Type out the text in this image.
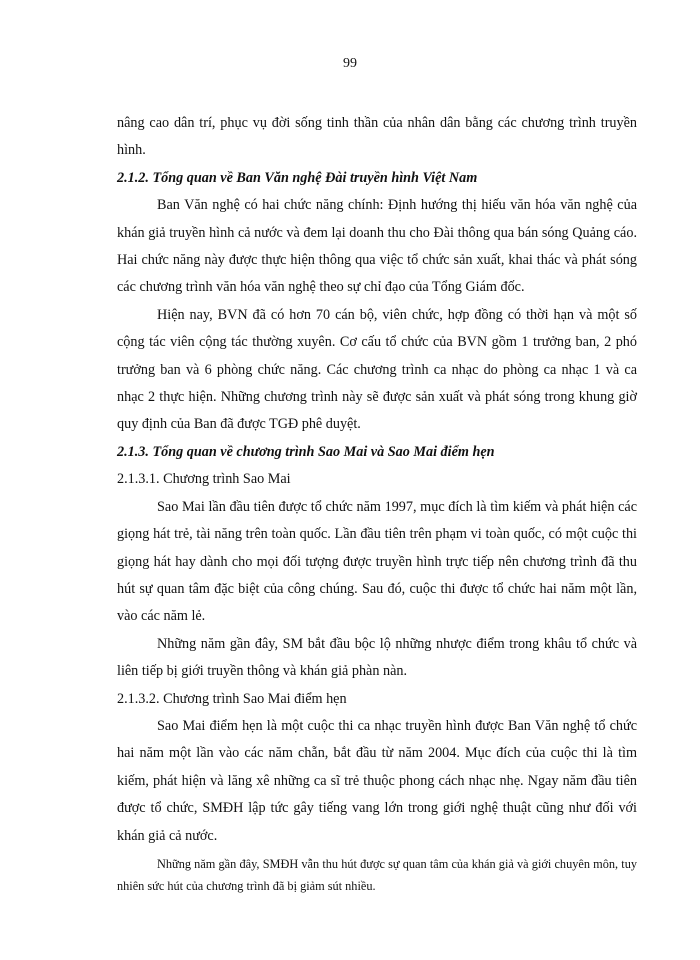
99

nâng cao dân trí, phục vụ đời sống tinh thần của nhân dân bằng các chương trình truyền hình.

2.1.2. Tổng quan về Ban Văn nghệ Đài truyền hình Việt Nam

Ban Văn nghệ có hai chức năng chính: Định hướng thị hiếu văn hóa văn nghệ của khán giả truyền hình cả nước và đem lại doanh thu cho Đài thông qua bán sóng Quảng cáo. Hai chức năng này được thực hiện thông qua việc tổ chức sản xuất, khai thác và phát sóng các chương trình văn hóa văn nghệ theo sự chỉ đạo của Tổng Giám đốc.

Hiện nay, BVN đã có hơn 70 cán bộ, viên chức, hợp đồng có thời hạn và một số cộng tác viên cộng tác thường xuyên. Cơ cấu tổ chức của BVN gồm 1 trưởng ban, 2 phó trưởng ban và 6 phòng chức năng. Các chương trình ca nhạc do phòng ca nhạc 1 và ca nhạc 2 thực hiện. Những chương trình này sẽ được sản xuất và phát sóng trong khung giờ quy định của Ban đã được TGĐ phê duyệt.

2.1.3. Tổng quan về chương trình Sao Mai và Sao Mai điểm hẹn

2.1.3.1. Chương trình Sao Mai

Sao Mai lần đầu tiên được tổ chức năm 1997, mục đích là tìm kiếm và phát hiện các giọng hát trẻ, tài năng trên toàn quốc. Lần đầu tiên trên phạm vi toàn quốc, có một cuộc thi giọng hát hay dành cho mọi đối tượng được truyền hình trực tiếp nên chương trình đã thu hút sự quan tâm đặc biệt của công chúng. Sau đó, cuộc thi được tổ chức hai năm một lần, vào các năm lẻ.

Những năm gần đây, SM bắt đầu bộc lộ những nhược điểm trong khâu tổ chức và liên tiếp bị giới truyền thông và khán giả phàn nàn.

2.1.3.2. Chương trình Sao Mai điểm hẹn

Sao Mai điểm hẹn là một cuộc thi ca nhạc truyền hình được Ban Văn nghệ tổ chức hai năm một lần vào các năm chẵn, bắt đầu từ năm 2004. Mục đích của cuộc thi là tìm kiếm, phát hiện và lăng xê những ca sĩ trẻ thuộc phong cách nhạc nhẹ. Ngay năm đầu tiên được tổ chức, SMĐH lập tức gây tiếng vang lớn trong giới nghệ thuật cũng như đối với khán giả cả nước.

Những năm gần đây, SMĐH vẫn thu hút được sự quan tâm của khán giả và giới chuyên môn, tuy nhiên sức hút của chương trình đã bị giảm sút nhiều.
